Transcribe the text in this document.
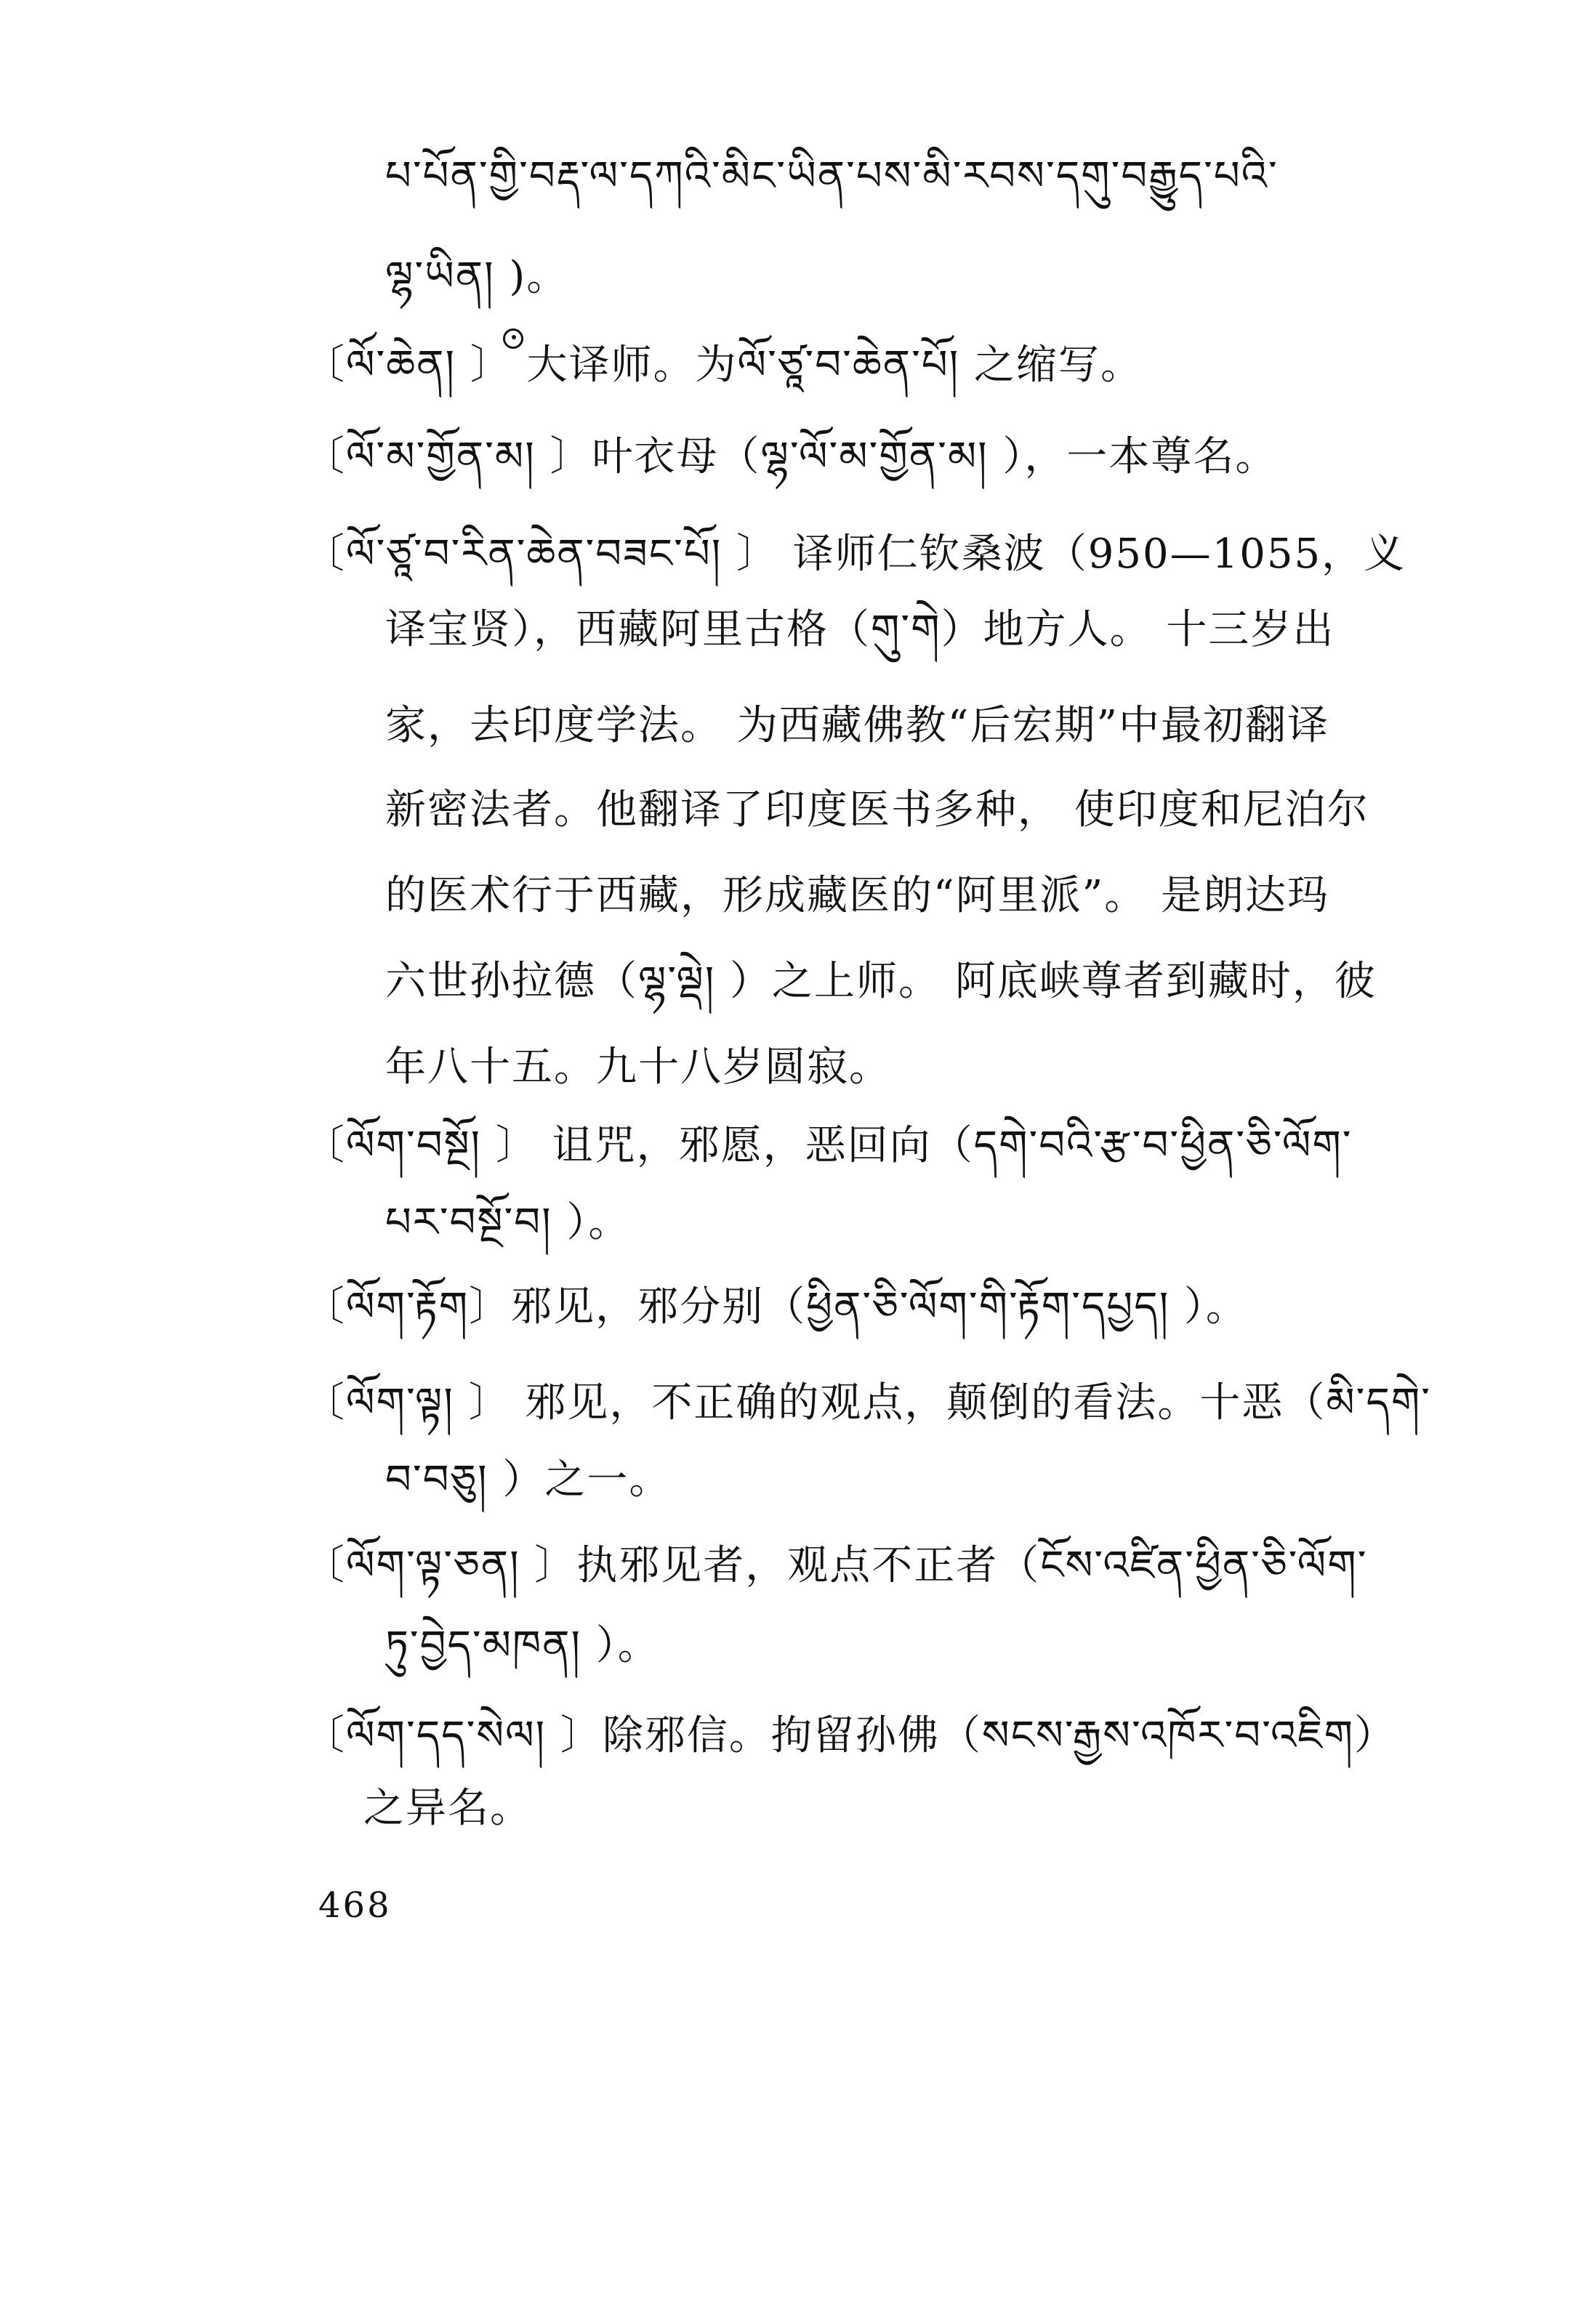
པ་པོན་གྱི་བརྡ་ལ་དཀའི་མིང་ཡིན་པས་མི་རབས་དགུ་བརྒྱུད་པའི་
ལྷ་ཡིན། )。
〔ལོ་ཆེན། 〕 大译师。为ལོ་ཙཱ་བ་ཆེན་པོ། 之缩写。
〔ལོ་མ་གྱོན་མ། 〕叶衣母（ལྷ་ལོ་མ་གྱོན་མ། ），一本尊名。
〔ལོ་ཙཱ་བ་རིན་ཆེན་བཟང་པོ། 〕 译师仁钦桑波（950—1055，义
译宝贤），西藏阿里古格（གུ་གེ）地方人。 十三岁出
家，去印度学法。 为西藏佛教“后宏期”中最初翻译
新密法者。他翻译了印度医书多种， 使印度和尼泊尔
的医术行于西藏，形成藏医的“阿里派”。 是朗达玛
六世孙拉德（ལྷ་ལྡེ། ）之上师。 阿底峡尊者到藏时，彼
年八十五。九十八岁圆寂。
〔ལོག་བསྔོ། 〕 诅咒，邪愿，恶回向（དགེ་བའི་རྩ་བ་ཕྱིན་ཅི་ལོག་
པར་བསྔོ་བ། ）。
〔ལོག་རྟོག〕邪见，邪分别（ཕྱིན་ཅི་ལོག་གི་རྟོག་དཔྱད། ）。
〔ལོག་ལྟ། 〕 邪见，不正确的观点，颠倒的看法。十恶（མི་དགེ་
བ་བཅུ། ）之一。
〔ལོག་ལྟ་ཅན། 〕执邪见者，观点不正者（ངོས་འཛིན་ཕྱིན་ཅི་ལོག་
ཏུ་བྱེད་མཁན། ）。
〔ལོག་དད་སེལ། 〕除邪信。拘留孙佛（སངས་རྒྱས་འཁོར་བ་འཇིག）
之异名。
468
